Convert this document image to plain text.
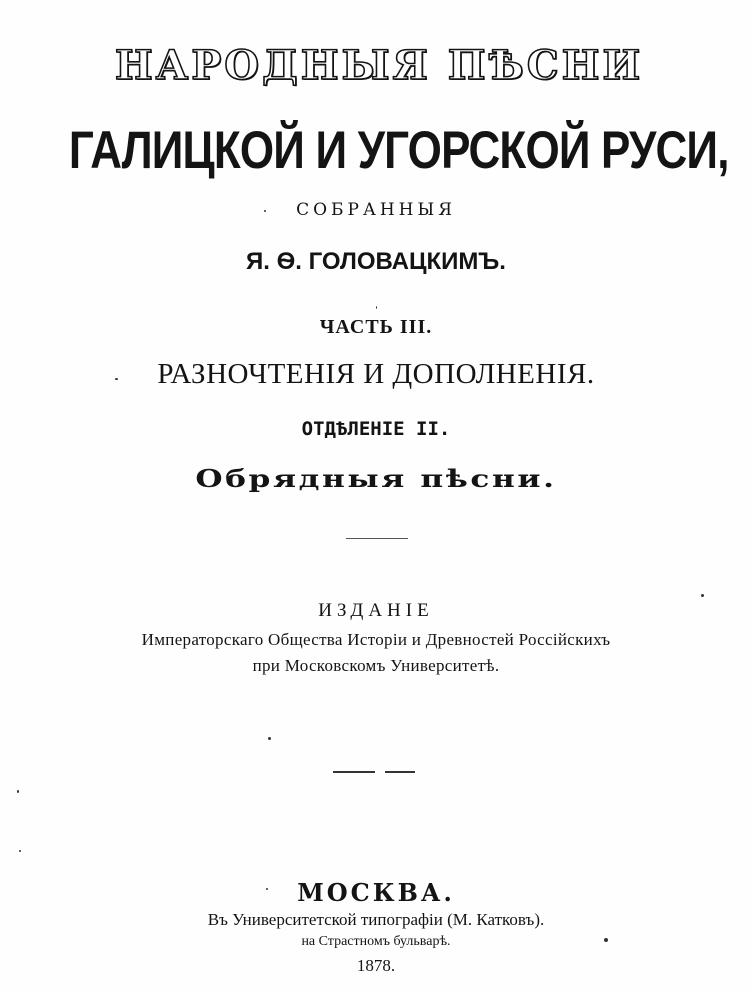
НАРОДНЫЯ ПѢСНИ

ГАЛИЦКОЙ И УГОРСКОЙ РУСИ,

СОБРАННЫЯ

Я. Ѳ. ГОЛОВАЦКИМЪ.

ЧАСТЬ III.

РАЗНОЧТЕНІЯ И ДОПОЛНЕНІЯ.

ОТДѢЛЕНІЕ II.

Обрядныя пѣсни.

ИЗДАНІЕ

Императорскаго Общества Исторіи и Древностей Россійскихъ

при Московскомъ Университетѣ.

МОСКВА.

Въ Университетской типографіи (М. Катковъ).

на Страстномъ бульварѣ.

1878.
